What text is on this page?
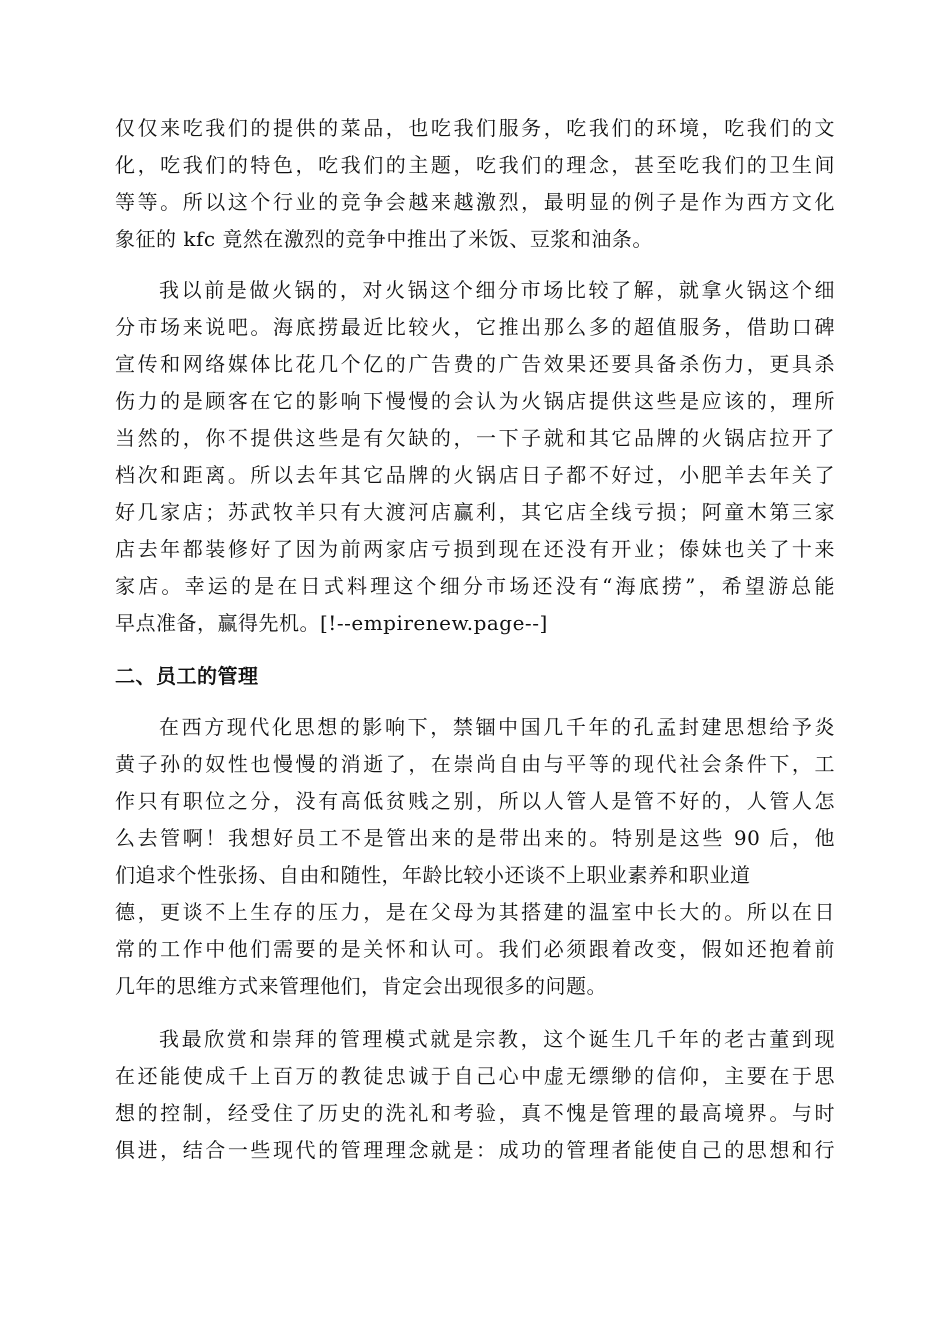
仅仅来吃我们的提供的菜品，也吃我们服务，吃我们的环境，吃我们的文
化，吃我们的特色，吃我们的主题，吃我们的理念，甚至吃我们的卫生间
等等。所以这个行业的竞争会越来越激烈，最明显的例子是作为西方文化
象征的 kfc 竟然在激烈的竞争中推出了米饭、豆浆和油条。
我以前是做火锅的，对火锅这个细分市场比较了解，就拿火锅这个细
分市场来说吧。海底捞最近比较火，它推出那么多的超值服务，借助口碑
宣传和网络媒体比花几个亿的广告费的广告效果还要具备杀伤力，更具杀
伤力的是顾客在它的影响下慢慢的会认为火锅店提供这些是应该的，理所
当然的，你不提供这些是有欠缺的，一下子就和其它品牌的火锅店拉开了
档次和距离。所以去年其它品牌的火锅店日子都不好过，小肥羊去年关了
好几家店；苏武牧羊只有大渡河店赢利，其它店全线亏损；阿童木第三家
店去年都装修好了因为前两家店亏损到现在还没有开业；傣妹也关了十来
家店。幸运的是在日式料理这个细分市场还没有“海底捞”，希望游总能
早点准备，赢得先机。[!--empirenew.page--]
二、员工的管理
在西方现代化思想的影响下，禁锢中国几千年的孔孟封建思想给予炎
黄子孙的奴性也慢慢的消逝了，在崇尚自由与平等的现代社会条件下，工
作只有职位之分，没有高低贫贱之别，所以人管人是管不好的，人管人怎
么去管啊！我想好员工不是管出来的是带出来的。特别是这些 90 后，他
们追求个性张扬、自由和随性，年龄比较小还谈不上职业素养和职业道
德，更谈不上生存的压力，是在父母为其搭建的温室中长大的。所以在日
常的工作中他们需要的是关怀和认可。我们必须跟着改变，假如还抱着前
几年的思维方式来管理他们，肯定会出现很多的问题。
我最欣赏和崇拜的管理模式就是宗教，这个诞生几千年的老古董到现
在还能使成千上百万的教徒忠诚于自己心中虚无缥缈的信仰，主要在于思
想的控制，经受住了历史的洗礼和考验，真不愧是管理的最高境界。与时
俱进，结合一些现代的管理理念就是：成功的管理者能使自己的思想和行
